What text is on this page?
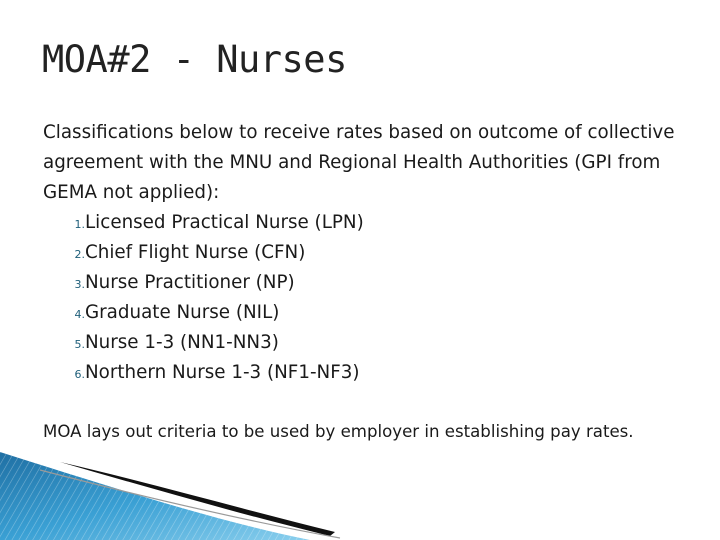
MOA#2 - Nurses

Classifications below to receive rates based on outcome of collective agreement with the MNU and Regional Health Authorities (GPI from GEMA not applied):

1. Licensed Practical Nurse (LPN)
2. Chief Flight Nurse (CFN)
3. Nurse Practitioner (NP)
4. Graduate Nurse (NIL)
5. Nurse 1-3 (NN1-NN3)
6. Northern Nurse 1-3 (NF1-NF3)

MOA lays out criteria to be used by employer in establishing pay rates.
